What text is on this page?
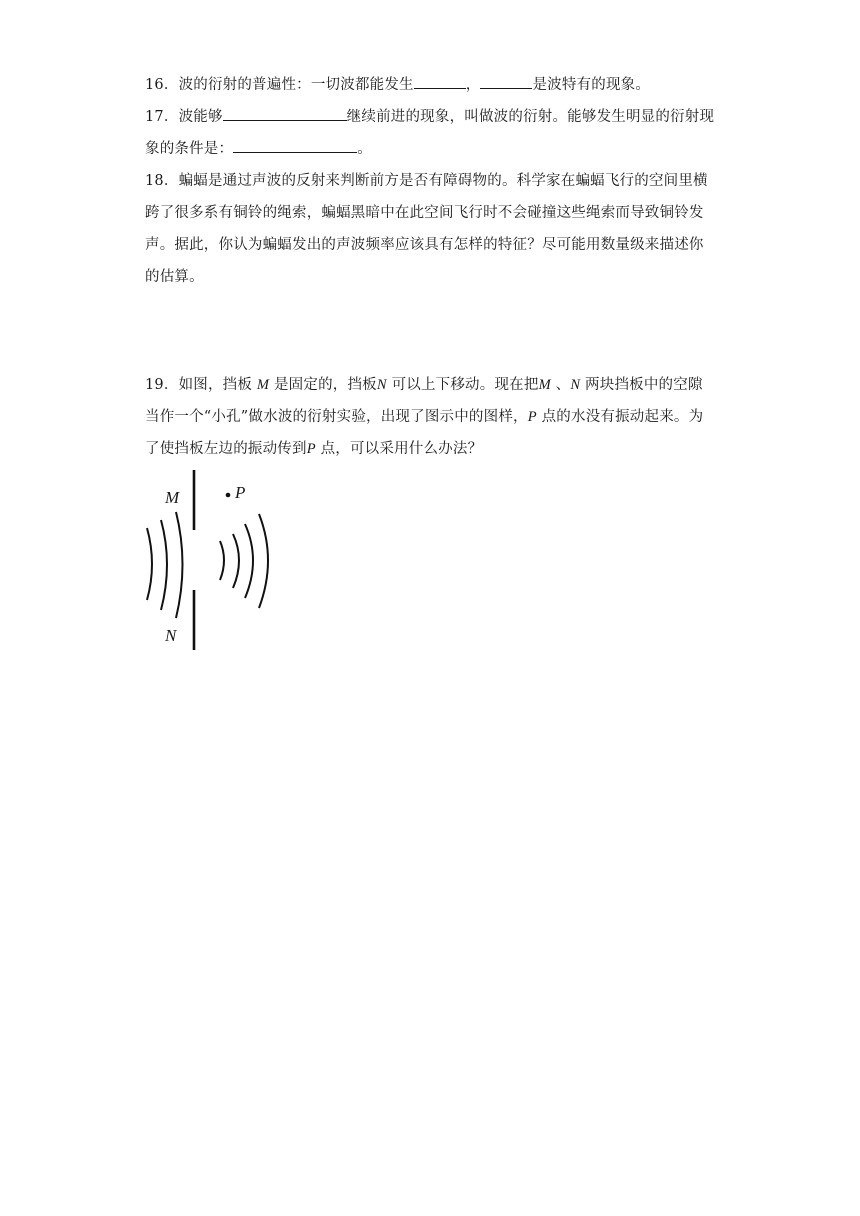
16．波的衍射的普遍性：一切波都能发生	，	是波特有的现象。
17．波能够	继续前进的现象，叫做波的衍射。能够发生明显的衍射现
象的条件是：	。
18．蝙蝠是通过声波的反射来判断前方是否有障碍物的。科学家在蝙蝠飞行的空间里横
跨了很多系有铜铃的绳索，蝙蝠黑暗中在此空间飞行时不会碰撞这些绳索而导致铜铃发
声。据此，你认为蝙蝠发出的声波频率应该具有怎样的特征？尽可能用数量级来描述你
的估算。
19．如图，挡板 M 是固定的，挡板N 可以上下移动。现在把M 、N 两块挡板中的空隙
当作一个“小孔”做水波的衍射实验，出现了图示中的图样，P 点的水没有振动起来。为
了使挡板左边的振动传到P 点，可以采用什么办法？
M
N
P
